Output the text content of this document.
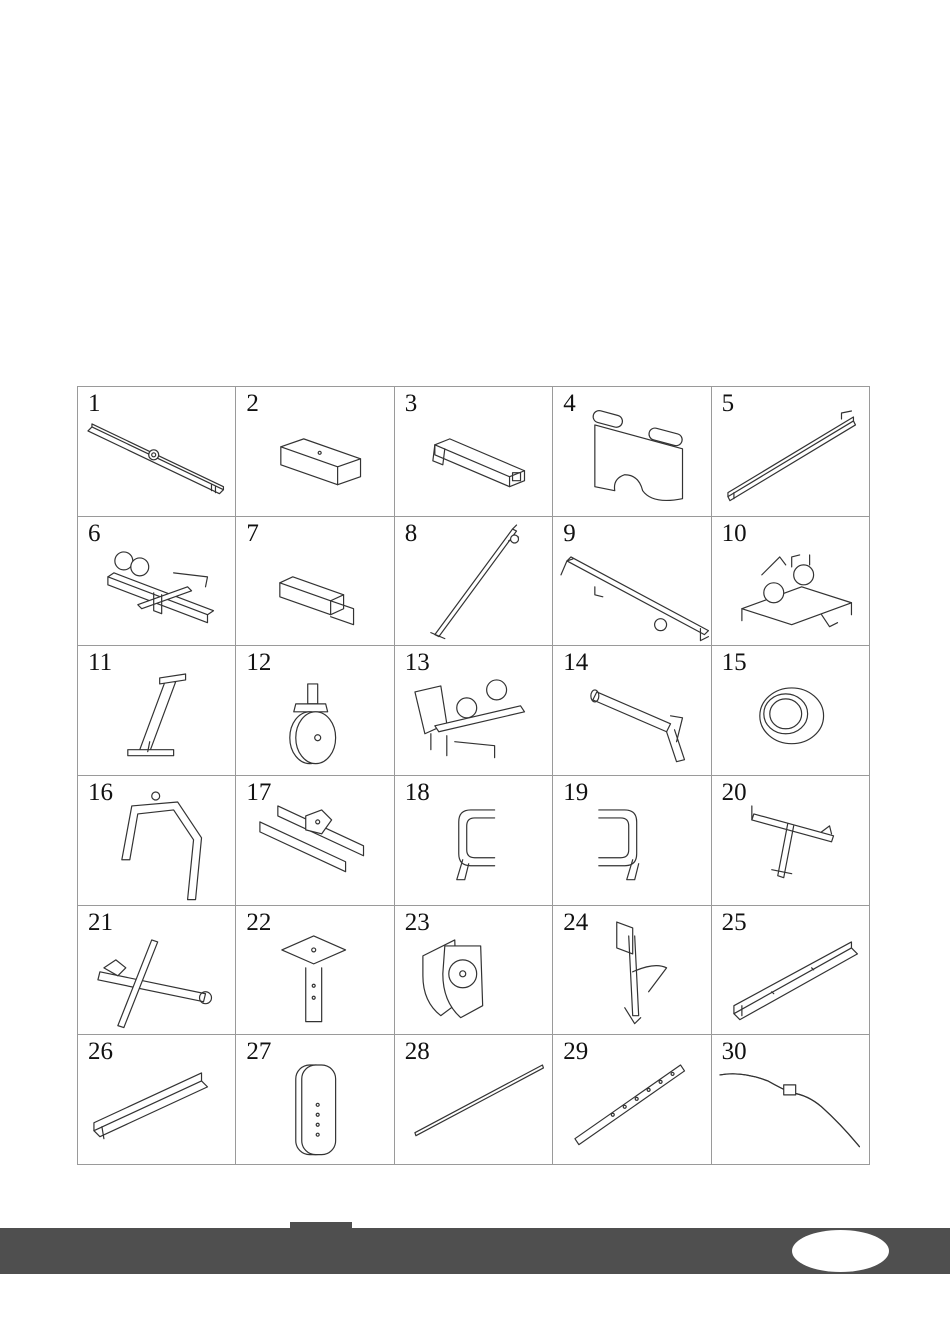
1	2	3	4	5
6	7	8	9	10
11	12	13	14	15
16	17	18	19	20
21	22	23	24	25
26	27	28	29	30
